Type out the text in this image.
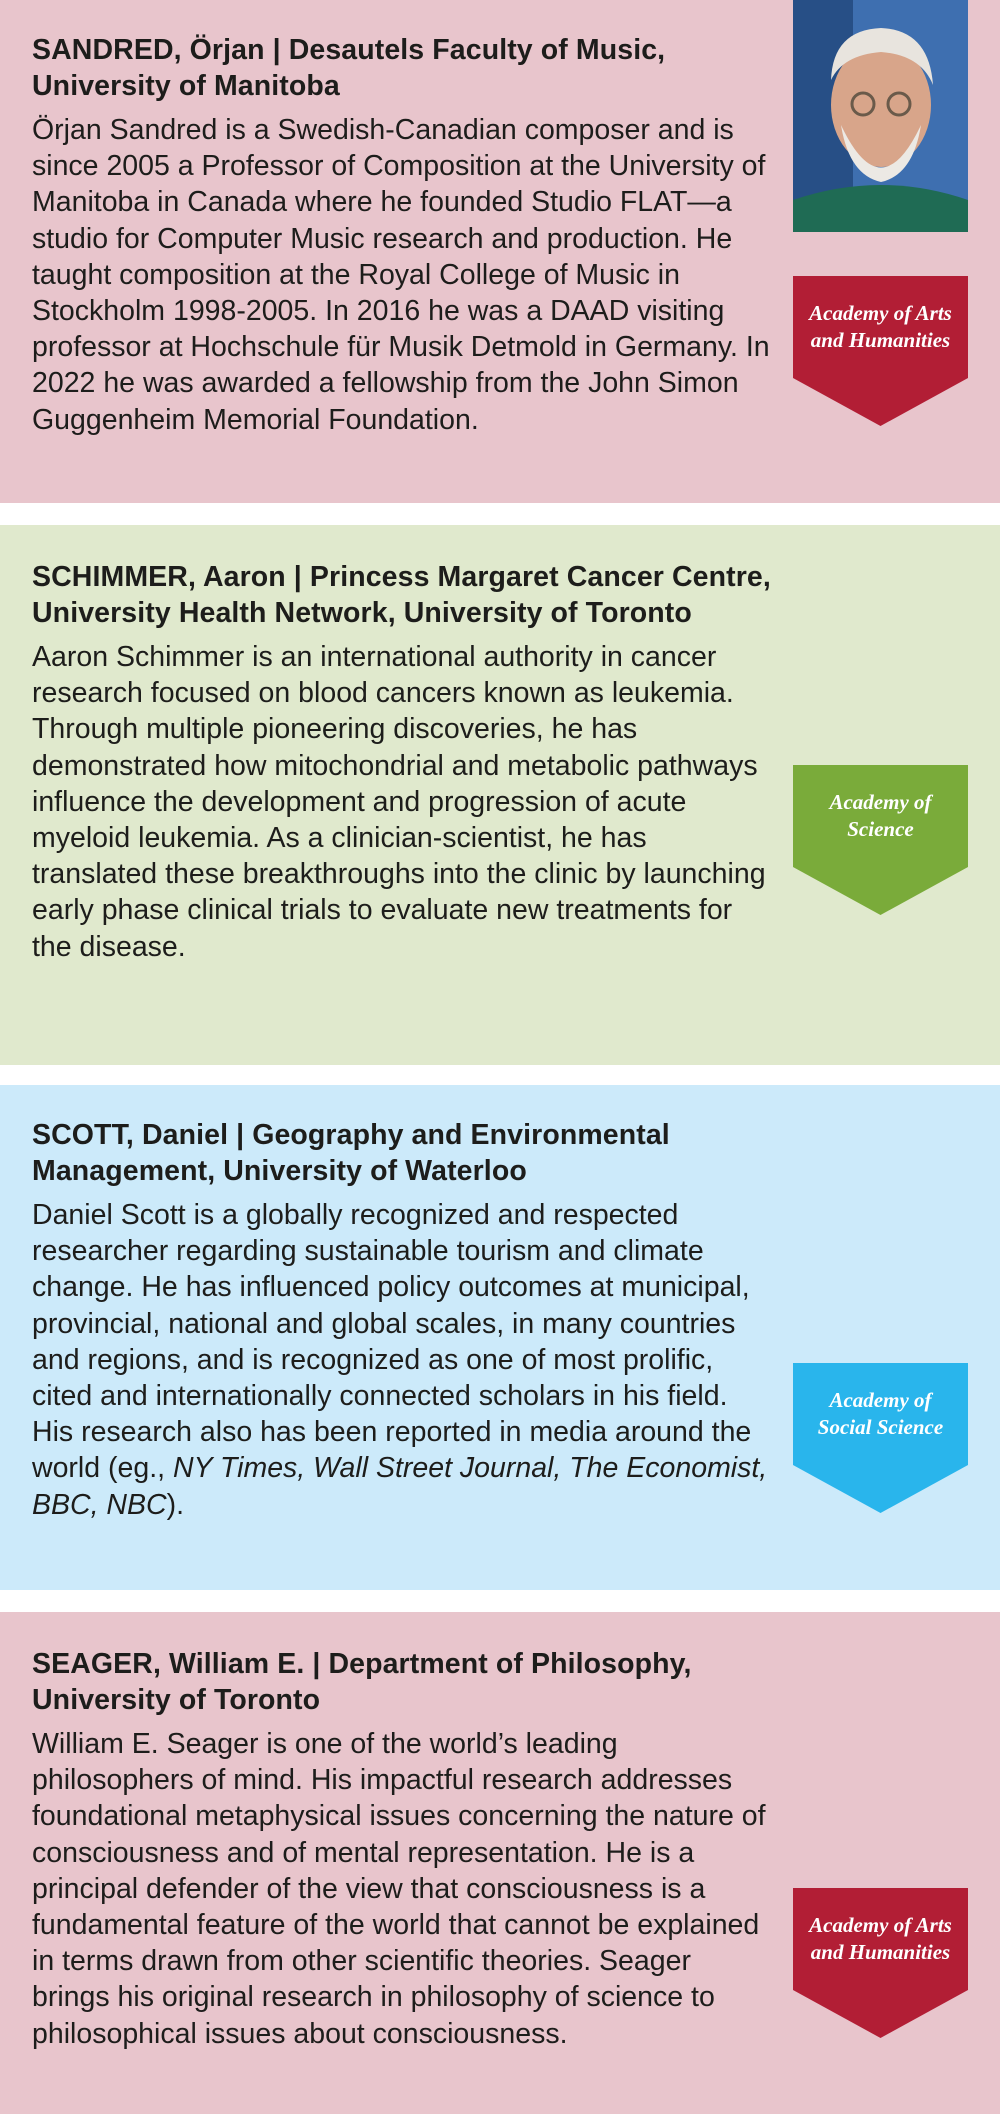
SANDRED, Örjan | Desautels Faculty of Music, University of Manitoba
Örjan Sandred is a Swedish-Canadian composer and is since 2005 a Professor of Composition at the University of Manitoba in Canada where he founded Studio FLAT—a studio for Computer Music research and production. He taught composition at the Royal College of Music in Stockholm 1998-2005. In 2016 he was a DAAD visiting professor at Hochschule für Musik Detmold in Germany. In 2022 he was awarded a fellowship from the John Simon Guggenheim Memorial Foundation.
SCHIMMER, Aaron | Princess Margaret Cancer Centre, University Health Network, University of Toronto
Aaron Schimmer is an international authority in cancer research focused on blood cancers known as leukemia. Through multiple pioneering discoveries, he has demonstrated how mitochondrial and metabolic pathways influence the development and progression of acute myeloid leukemia. As a clinician-scientist, he has translated these breakthroughs into the clinic by launching early phase clinical trials to evaluate new treatments for the disease.
SCOTT, Daniel | Geography and Environmental Management, University of Waterloo
Daniel Scott is a globally recognized and respected researcher regarding sustainable tourism and climate change. He has influenced policy outcomes at municipal, provincial, national and global scales, in many countries and regions, and is recognized as one of most prolific, cited and internationally connected scholars in his field. His research also has been reported in media around the world (eg., NY Times, Wall Street Journal, The Economist, BBC, NBC).
SEAGER, William E. | Department of Philosophy, University of Toronto
William E. Seager is one of the world’s leading philosophers of mind. His impactful research addresses foundational metaphysical issues concerning the nature of consciousness and of mental representation. He is a principal defender of the view that consciousness is a fundamental feature of the world that cannot be explained in terms drawn from other scientific theories. Seager brings his original research in philosophy of science to philosophical issues about consciousness.
Academy of Arts and Humanities
Academy of Science
Academy of Social Science
Academy of Arts and Humanities
